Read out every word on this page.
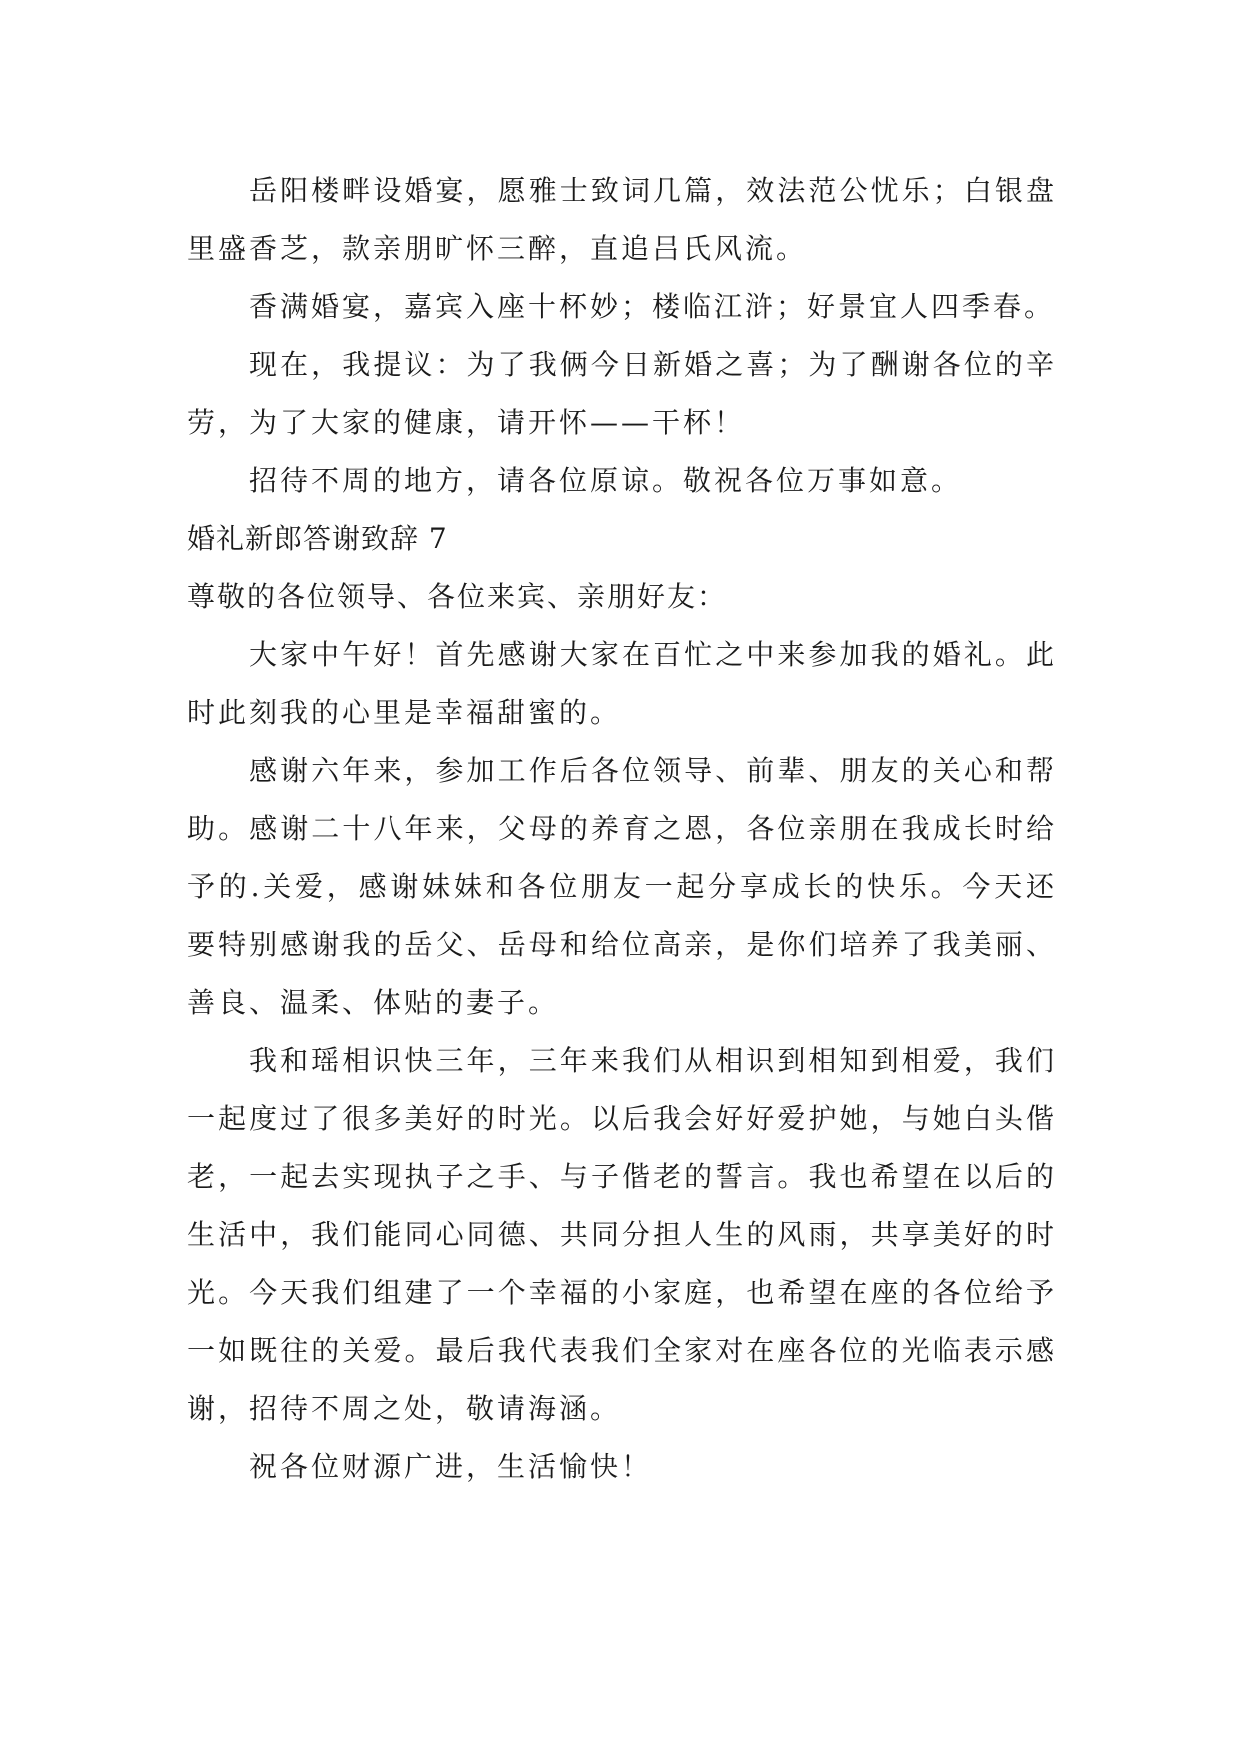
岳阳楼畔设婚宴，愿雅士致词几篇，效法范公忧乐；白银盘里盛香芝，款亲朋旷怀三醉，直追吕氏风流。

香满婚宴，嘉宾入座十杯妙；楼临江浒；好景宜人四季春。

现在，我提议：为了我俩今日新婚之喜；为了酬谢各位的辛劳，为了大家的健康，请开怀——干杯！

招待不周的地方，请各位原谅。敬祝各位万事如意。

婚礼新郎答谢致辞 7

尊敬的各位领导、各位来宾、亲朋好友：

大家中午好！首先感谢大家在百忙之中来参加我的婚礼。此时此刻我的心里是幸福甜蜜的。

感谢六年来，参加工作后各位领导、前辈、朋友的关心和帮助。感谢二十八年来，父母的养育之恩，各位亲朋在我成长时给予的.关爱，感谢妹妹和各位朋友一起分享成长的快乐。今天还要特别感谢我的岳父、岳母和给位高亲，是你们培养了我美丽、善良、温柔、体贴的妻子。

我和瑶相识快三年，三年来我们从相识到相知到相爱，我们一起度过了很多美好的时光。以后我会好好爱护她，与她白头偕老，一起去实现执子之手、与子偕老的誓言。我也希望在以后的生活中，我们能同心同德、共同分担人生的风雨，共享美好的时光。今天我们组建了一个幸福的小家庭，也希望在座的各位给予一如既往的关爱。最后我代表我们全家对在座各位的光临表示感谢，招待不周之处，敬请海涵。

祝各位财源广进，生活愉快！
